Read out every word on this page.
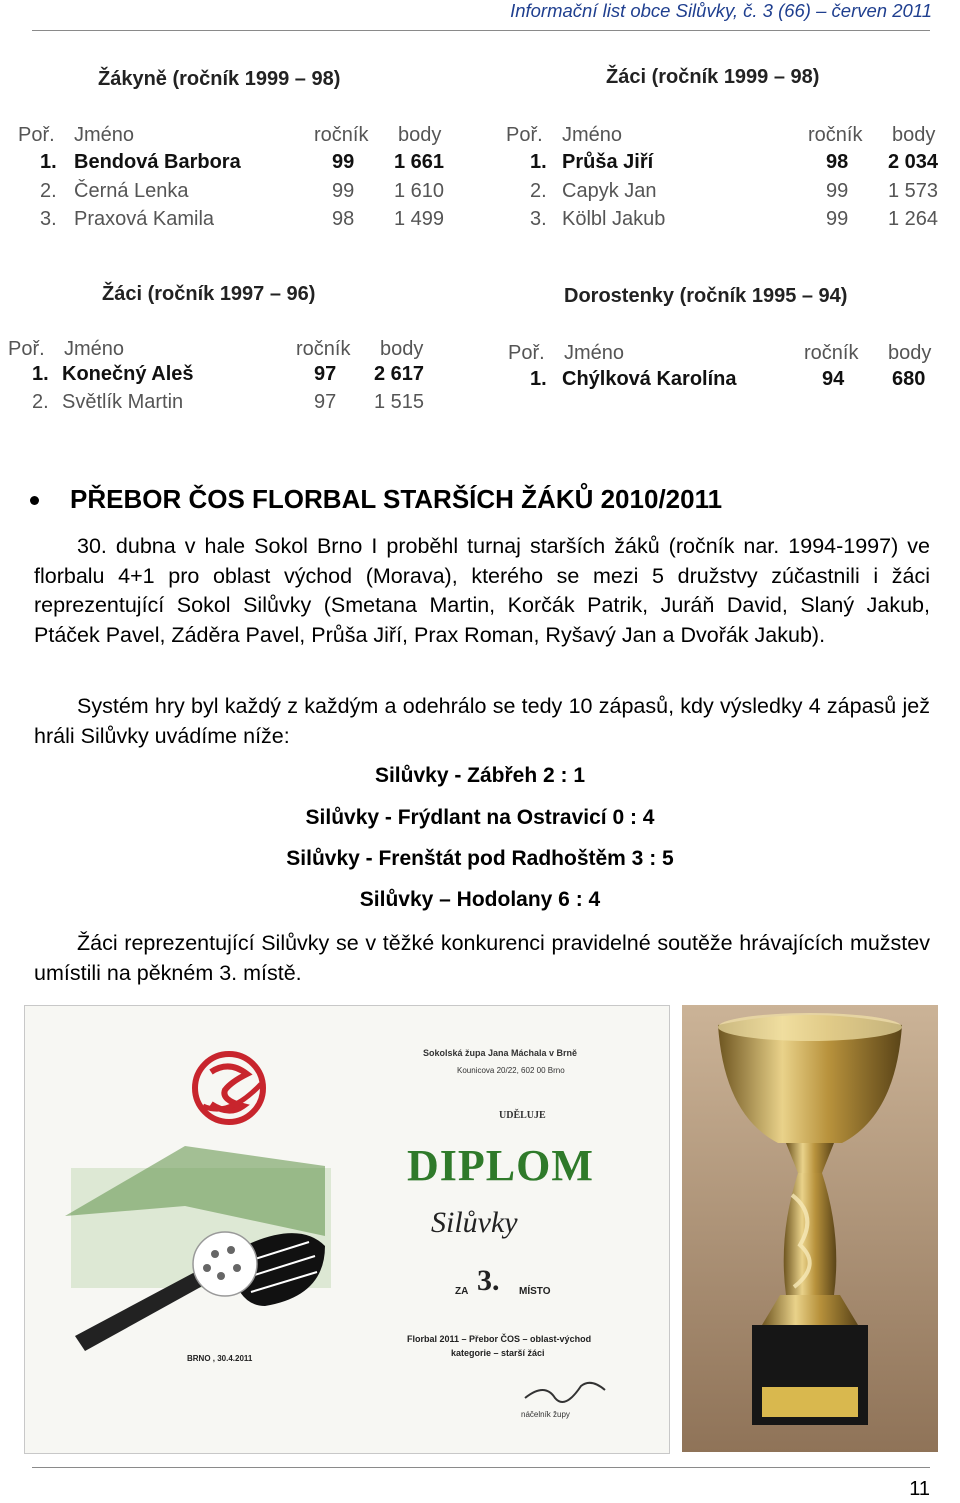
Informační list obce Silůvky, č. 3 (66) – červen 2011
Žákyně (ročník 1999 – 98)
Poř. Jméno	ročník body
1. Bendová Barbora	99 1 661
2. Černá Lenka	99 1 610
3. Praxová Kamila	98 1 499
Žáci (ročník 1999 – 98)
Poř. Jméno	ročník body
1. Průša Jiří	98 2 034
2. Capyk Jan	99 1 573
3. Kölbl Jakub	99 1 264
Žáci (ročník 1997 – 96)
Poř. Jméno	ročník body
1. Konečný Aleš	97 2 617
2. Světlík Martin	97 1 515
Dorostenky (ročník 1995 – 94)
Poř. Jméno	ročník body
1. Chýlková Karolína	94 680
PŘEBOR ČOS FLORBAL STARŠÍCH ŽÁKŮ 2010/2011
30. dubna v hale Sokol Brno I proběhl turnaj starších žáků (ročník nar. 1994-1997) ve florbalu 4+1 pro oblast východ (Morava), kterého se mezi 5 družstvy zúčastnili i žáci reprezentující Sokol Silůvky (Smetana Martin, Korčák Patrik, Juráň David, Slaný Jakub, Ptáček Pavel, Záděra Pavel, Průša Jiří, Prax Roman, Ryšavý Jan a Dvořák Jakub).
Systém hry byl každý z každým a odehrálo se tedy 10 zápasů, kdy výsledky 4 zápasů jež hráli Silůvky uvádíme níže:
Silůvky - Zábřeh 2 : 1
Silůvky - Frýdlant na Ostravicí 0 : 4
Silůvky - Frenštát pod Radhoštěm 3 : 5
Silůvky – Hodolany 6 : 4
Žáci reprezentující Silůvky se v těžké konkurenci pravidelné soutěže hrávajících mužstev umístili na pěkném 3. místě.
Sokolská župa Jana Máchala v Brně
Kounicova 20/22, 602 00 Brno
UDĚLUJE
DIPLOM
Silůvky
ZA 3. MÍSTO
Florbal 2011 – Přebor ČOS – oblast-východ
kategorie – starší žáci
BRNO , 30.4.2011
náčelník župy
11
